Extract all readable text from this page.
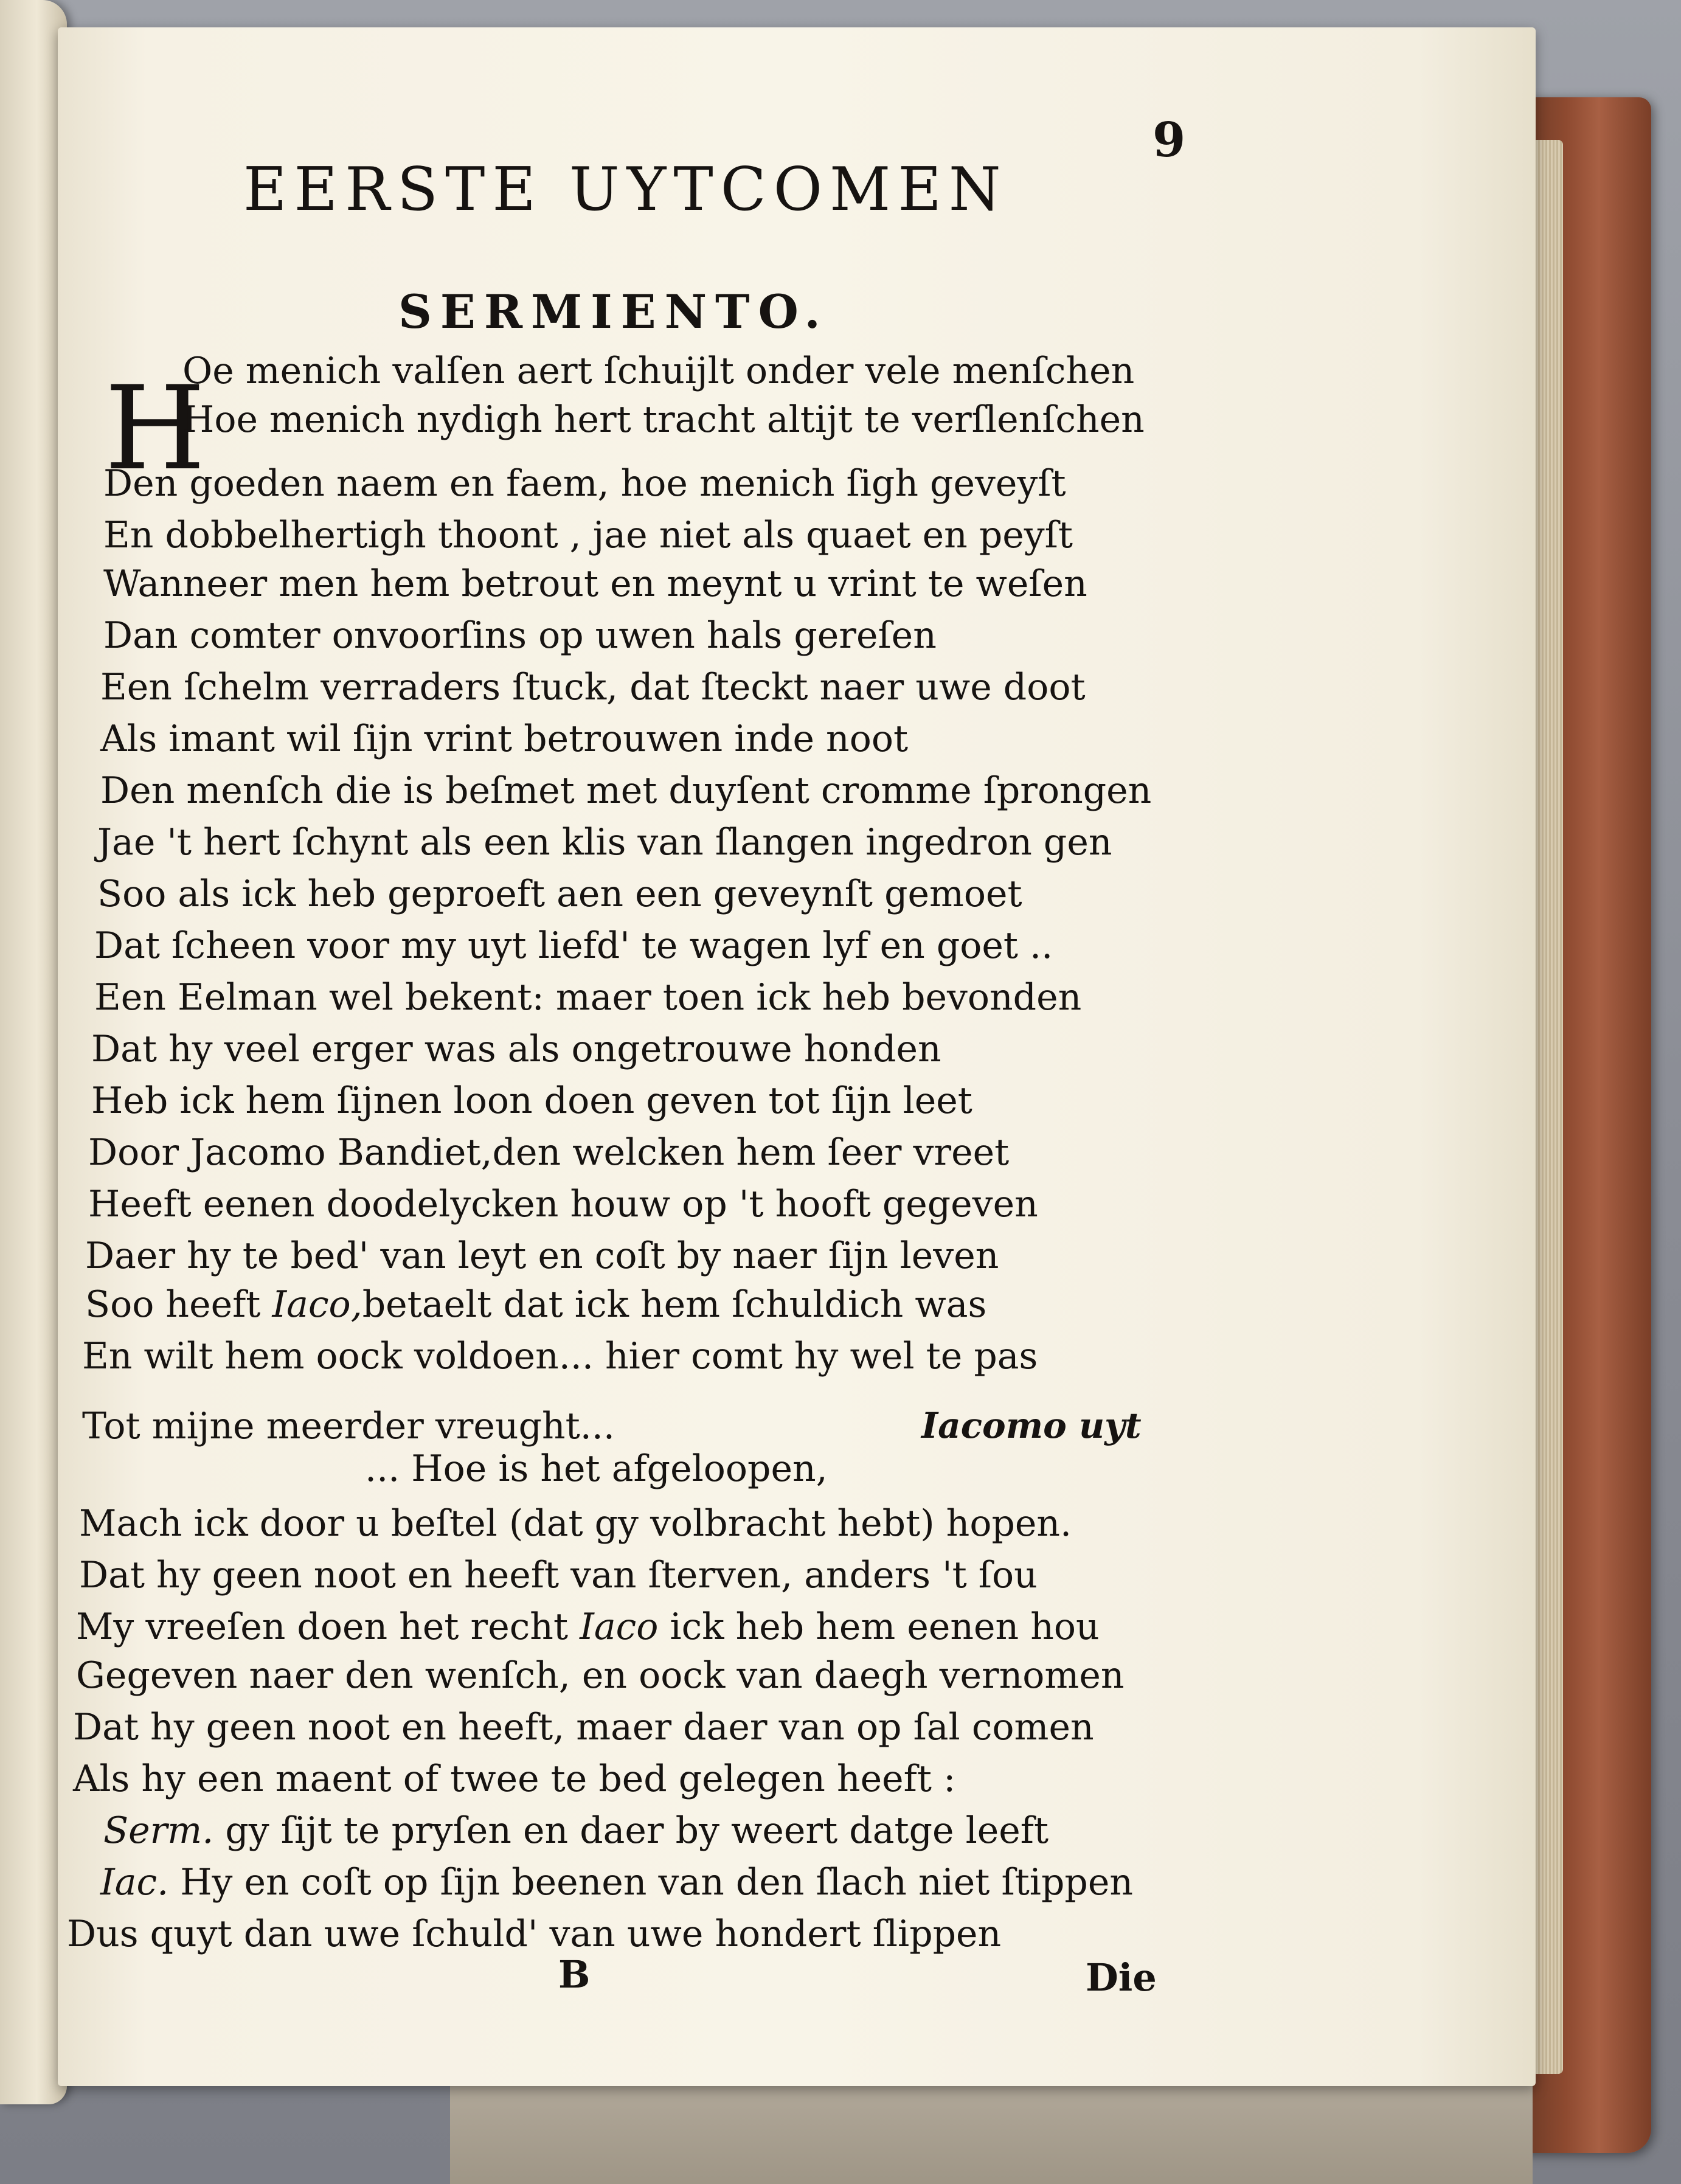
9
EERSTE UYTCOMEN
SERMIENTO.
H
Oe menich valſen aert ſchuijlt onder vele menſchen
Hoe menich nydigh hert tracht altijt te verſlenſchen
Den goeden naem en faem, hoe menich ſigh geveyſt
En dobbelhertigh thoont , jae niet als quaet en peyſt
Wanneer men hem betrout en meynt u vrint te weſen
Dan comter onvoorſins op uwen hals gereſen
Een ſchelm verraders ſtuck, dat ſteckt naer uwe doot
Als imant wil ſijn vrint betrouwen inde noot
Den menſch die is beſmet met duyſent cromme ſprongen
Jae 't hert ſchynt als een klis van ſlangen ingedron gen
Soo als ick heb geproeft aen een geveynſt gemoet
Dat ſcheen voor my uyt liefd' te wagen lyf en goet ..
Een Eelman wel bekent: maer toen ick heb bevonden
Dat hy veel erger was als ongetrouwe honden
Heb ick hem ſijnen loon doen geven tot ſijn leet
Door Jacomo Bandiet,den welcken hem ſeer vreet
Heeft eenen doodelycken houw op 't hooft gegeven
Daer hy te bed' van leyt en coſt by naer ſijn leven
Soo heeft Iaco,betaelt dat ick hem ſchuldich was
En wilt hem oock voldoen... hier comt hy wel te pas
Tot mijne meerder vreught...
... Hoe is het afgeloopen,
Mach ick door u beſtel (dat gy volbracht hebt) hopen.
Dat hy geen noot en heeft van ſterven, anders 't ſou
My vreeſen doen het recht Iaco ick heb hem eenen hou
Gegeven naer den wenſch, en oock van daegh vernomen
Dat hy geen noot en heeft, maer daer van op ſal comen
Als hy een maent of twee te bed gelegen heeft :
Serm. gy ſijt te pryſen en daer by weert datge leeft
Iac. Hy en coſt op ſijn beenen van den ſlach niet ſtippen
Dus quyt dan uwe ſchuld' van uwe hondert ſlippen
Iacomo uyt
B	Die
